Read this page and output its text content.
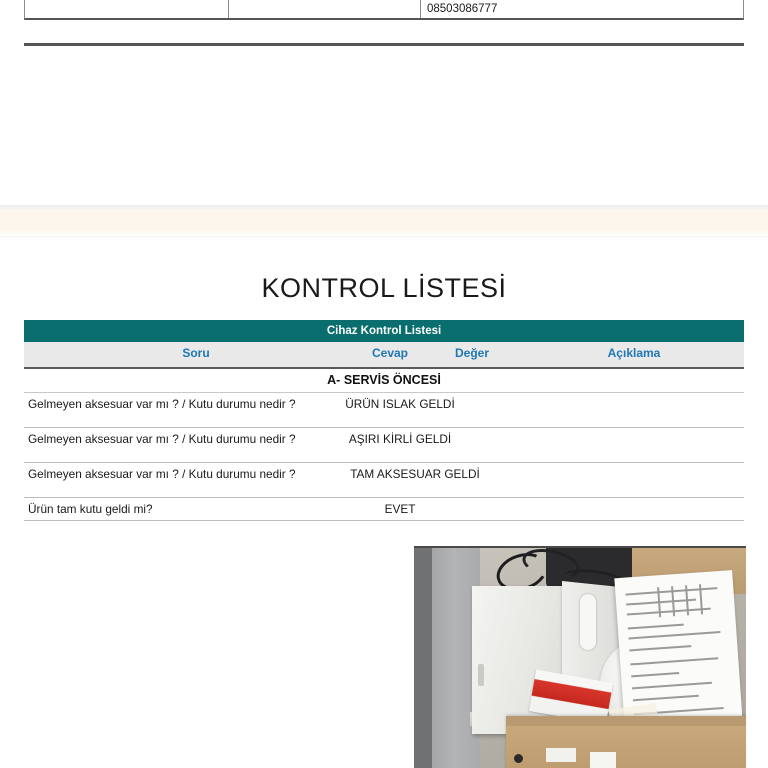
08503086777
KONTROL LİSTESİ
Cihaz Kontrol Listesi
Soru	Cevap	Değer	Açıklama
A- SERVİS ÖNCESİ
Gelmeyen aksesuar var mı ? / Kutu durumu nedir ?	ÜRÜN ISLAK GELDİ
Gelmeyen aksesuar var mı ? / Kutu durumu nedir ?	AŞIRI KİRLİ GELDİ
Gelmeyen aksesuar var mı ? / Kutu durumu nedir ?	TAM AKSESUAR GELDİ
Ürün tam kutu geldi mi?	EVET
